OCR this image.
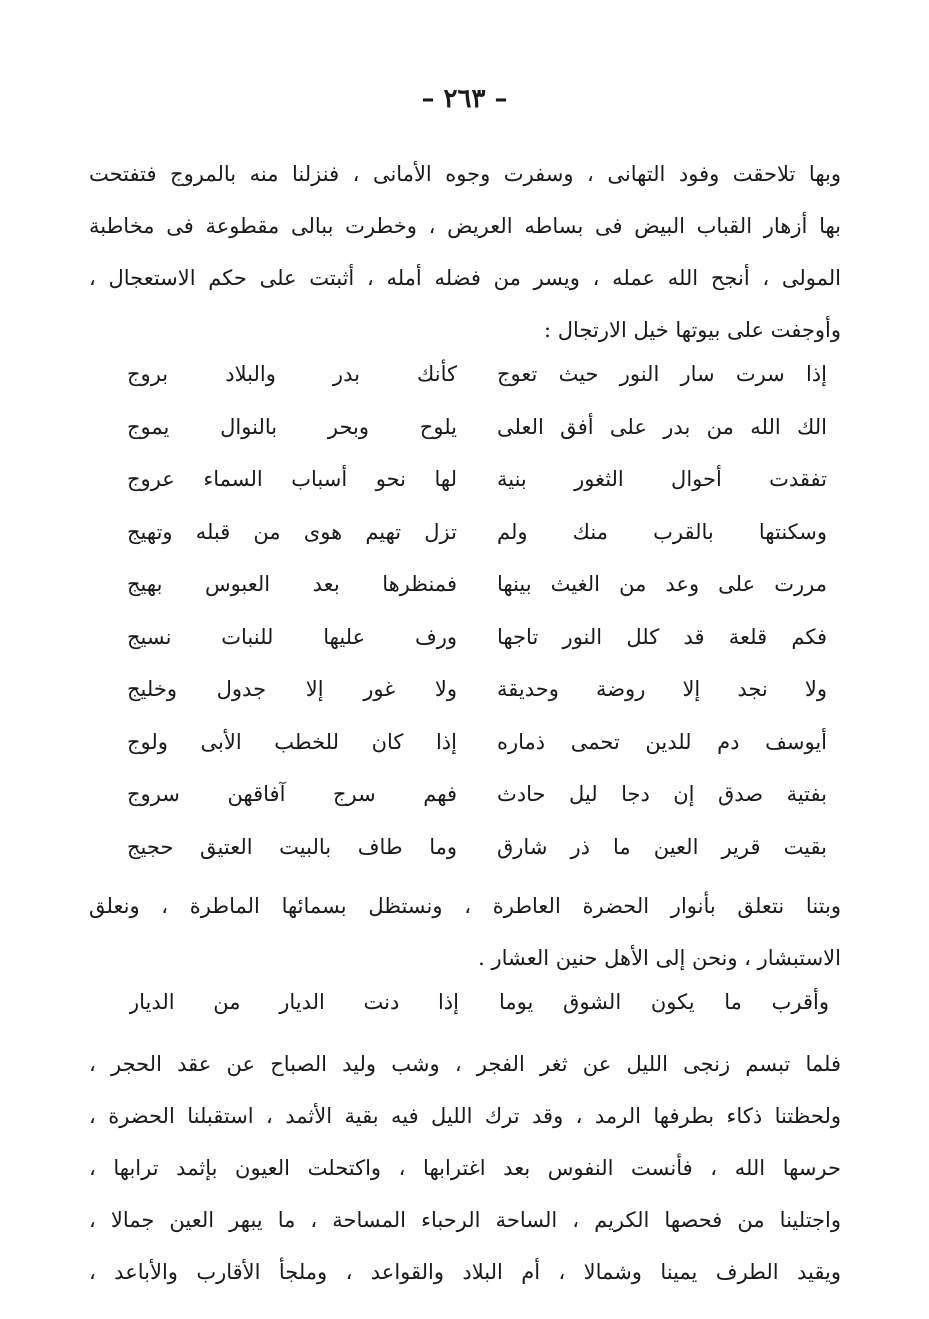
– ٢٦٣ –
وبها تلاحقت وفود التهانى ، وسفرت وجوه الأمانى ، فنزلنا منه بالمروج فتفتحت
بها أزهار القباب البيض فى بساطه العريض ، وخطرت ببالى مقطوعة فى مخاطبة
المولى ، أنجح الله عمله ، ويسر من فضله أمله ، أثبتت على حكم الاستعجال ،
وأوجفت على بيوتها خيل الارتجال :
إذا سرت سار النور حيث تعوج
كأنك بدر والبلاد بروج
الك الله من بدر على أفق العلى
يلوح وبحر بالنوال يموج
تفقدت أحوال الثغور بنية
لها نحو أسباب السماء عروج
وسكنتها بالقرب منك ولم
تزل تهيم هوى من قبله وتهيج
مررت على وعد من الغيث بينها
فمنظرها بعد العبوس بهيج
فكم قلعة قد كلل النور تاجها
ورف عليها للنبات نسيج
ولا نجد إلا روضة وحديقة
ولا غور إلا جدول وخليج
أيوسف دم للدين تحمى ذماره
إذا كان للخطب الأبى ولوج
بفتية صدق إن دجا ليل حادث
فهم سرج آفاقهن سروج
بقيت قرير العين ما ذر شارق
وما طاف بالبيت العتيق حجيج
وبتنا نتعلق بأنوار الحضرة العاطرة ، ونستظل بسمائها الماطرة ، ونعلق
الاستبشار ، ونحن إلى الأهل حنين العشار .
وأقرب ما يكون الشوق يوما
إذا دنت الديار من الديار
فلما تبسم زنجى الليل عن ثغر الفجر ، وشب وليد الصباح عن عقد الحجر ،
ولحظتنا ذكاء بطرفها الرمد ، وقد ترك الليل فيه بقية الأثمد ، استقبلنا الحضرة ،
حرسها الله ، فأنست النفوس بعد اغترابها ، واكتحلت العيون بإثمد ترابها ،
واجتلينا من فحصها الكريم ، الساحة الرحباء المساحة ، ما يبهر العين جمالا ،
ويقيد الطرف يمينا وشمالا ، أم البلاد والقواعد ، وملجأ الأقارب والأباعد ،
